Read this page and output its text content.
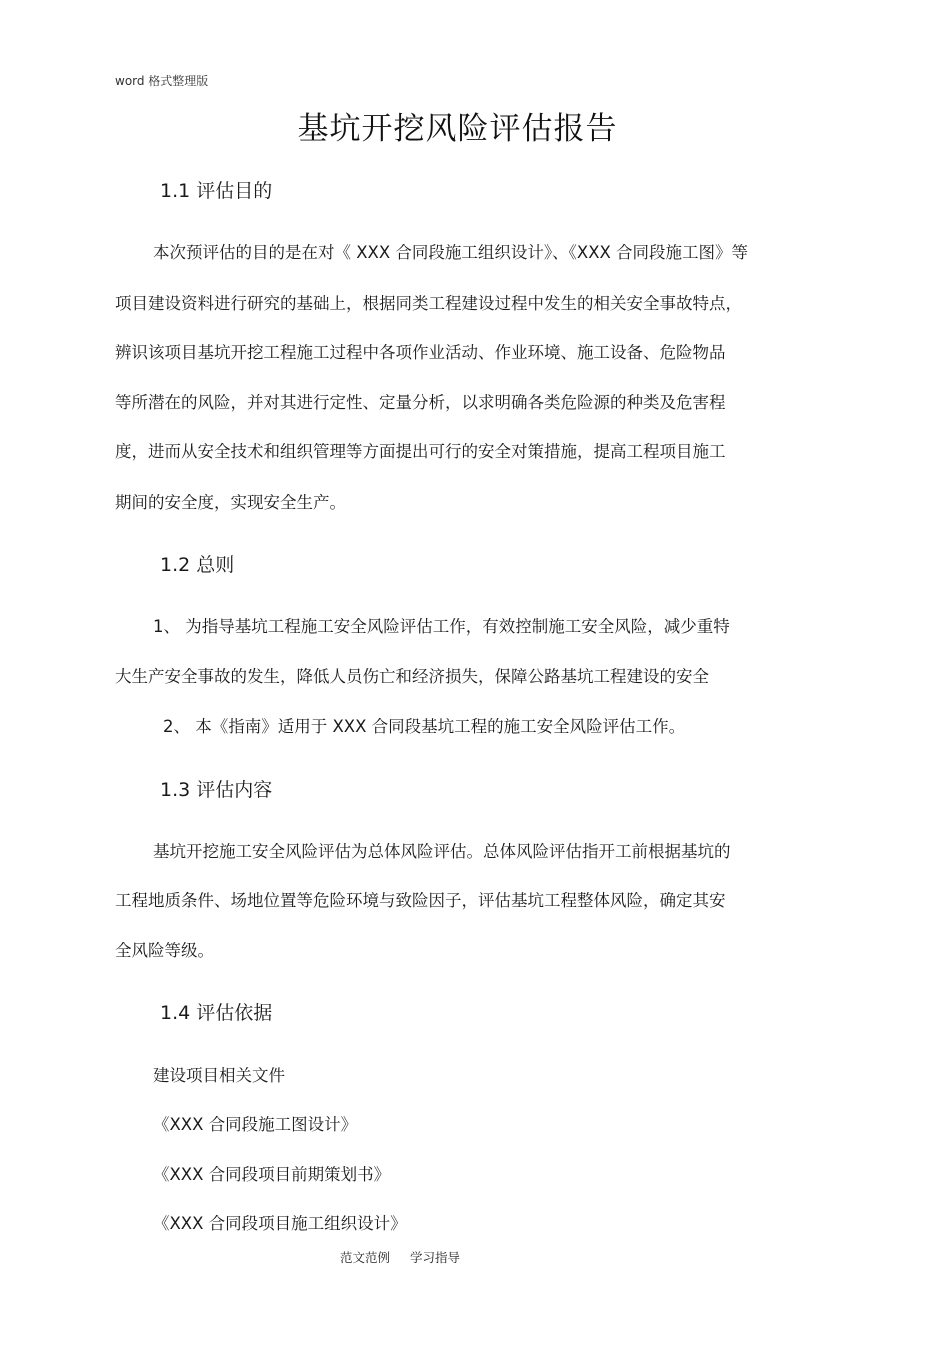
word 格式整理版
基坑开挖风险评估报告
1.1 评估目的
本次预评估的目的是在对《 XXX 合同段施工组织设计》、《XXX 合同段施工图》等
项目建设资料进行研究的基础上，根据同类工程建设过程中发生的相关安全事故特点，
辨识该项目基坑开挖工程施工过程中各项作业活动、作业环境、施工设备、危险物品
等所潜在的风险，并对其进行定性、定量分析，以求明确各类危险源的种类及危害程
度，进而从安全技术和组织管理等方面提出可行的安全对策措施，提高工程项目施工
期间的安全度，实现安全生产。
1.2 总则
1、 为指导基坑工程施工安全风险评估工作，有效控制施工安全风险，减少重特
大生产安全事故的发生，降低人员伤亡和经济损失，保障公路基坑工程建设的安全
2、 本《指南》适用于 XXX 合同段基坑工程的施工安全风险评估工作。
1.3 评估内容
基坑开挖施工安全风险评估为总体风险评估。总体风险评估指开工前根据基坑的
工程地质条件、场地位置等危险环境与致险因子，评估基坑工程整体风险，确定其安
全风险等级。
1.4 评估依据
建设项目相关文件
《XXX 合同段施工图设计》
《XXX 合同段项目前期策划书》
《XXX 合同段项目施工组织设计》
范文范例 学习指导
